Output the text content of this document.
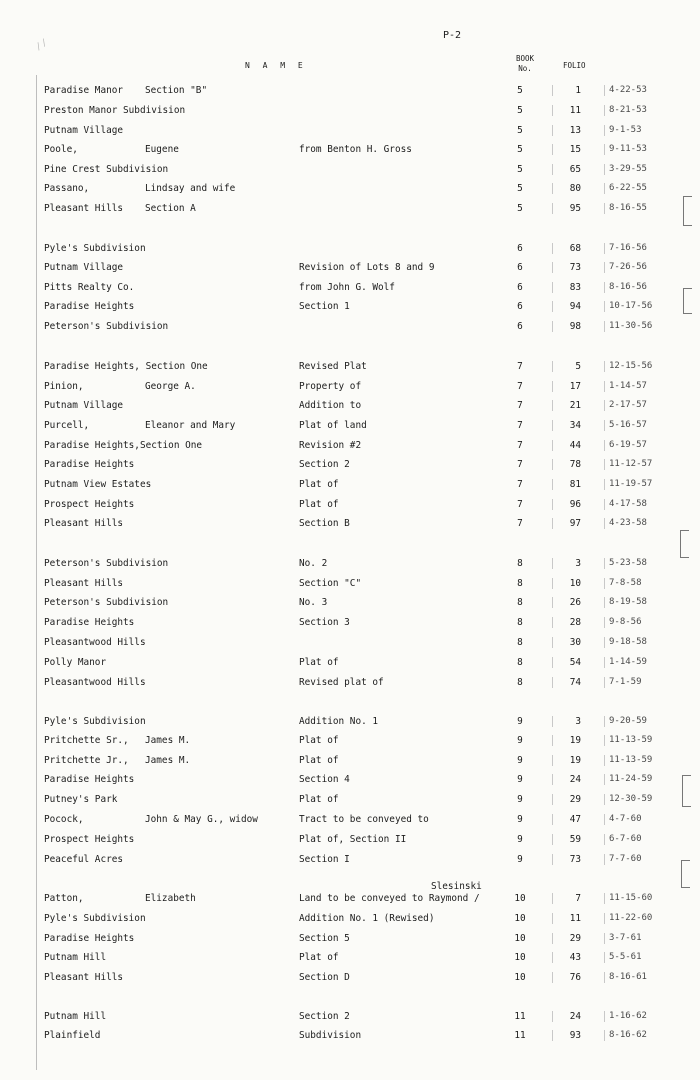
⁄⁄	P-2
N A M E
BOOK
No.	FOLIO
Paradise Manor Section "B"	5	1	4-22-53
Preston Manor Subdivision	5	11	8-21-53
Putnam Village	5	13	9-1-53
Poole,	Eugene	from Benton H. Gross	5	15	9-11-53
Pine Crest Subdivision	5	65	3-29-55
Passano,	Lindsay and wife	5	80	6-22-55
Pleasant Hills Section A	5	95	8-16-55
Pyle's Subdivision	6	68	7-16-56
Putnam Village	Revision of Lots 8 and 9	6	73	7-26-56
Pitts Realty Co.	from John G. Wolf	6	83	8-16-56
Paradise Heights	Section 1	6	94	10-17-56
Peterson's Subdivision	6	98	11-30-56
Paradise Heights, Section One	Revised Plat	7	5	12-15-56
Pinion,	George A.	Property of	7	17	1-14-57
Putnam Village	Addition to	7	21	2-17-57
Purcell,	Eleanor and Mary	Plat of land	7	34	5-16-57
Paradise Heights,Section One	Revision #2	7	44	6-19-57
Paradise Heights	Section 2	7	78	11-12-57
Putnam View Estates	Plat of	7	81	11-19-57
Prospect Heights	Plat of	7	96	4-17-58
Pleasant Hills	Section B	7	97	4-23-58
Peterson's Subdivision	No. 2	8	3	5-23-58
Pleasant Hills	Section "C"	8	10	7-8-58
Peterson's Subdivision	No. 3	8	26	8-19-58
Paradise Heights	Section 3	8	28	9-8-56
Pleasantwood Hills	8	30	9-18-58
Polly Manor	Plat of	8	54	1-14-59
Pleasantwood Hills	Revised plat of	8	74	7-1-59
Pyle's Subdivision	Addition No. 1	9	3	9-20-59
Pritchette Sr., James M.	Plat of	9	19	11-13-59
Pritchette Jr., James M.	Plat of	9	19	11-13-59
Paradise Heights	Section 4	9	24	11-24-59
Putney's Park	Plat of	9	29	12-30-59
Pocock,	John & May G., widow	Tract to be conveyed to	9	47	4-7-60
Prospect Heights	Plat of, Section II	9	59	6-7-60
Peaceful Acres	Section I	9	73	7-7-60
Patton,	Elizabeth	Land to be conveyed to Raymond /	10	7	11-15-60
Slesinski
Pyle's Subdivision	Addition No. 1 (Rewised)	10	11	11-22-60
Paradise Heights	Section 5	10	29	3-7-61
Putnam Hill	Plat of	10	43	5-5-61
Pleasant Hills	Section D	10	76	8-16-61
Putnam Hill	Section 2	11	24	1-16-62
Plainfield	Subdivision	11	93	8-16-62
